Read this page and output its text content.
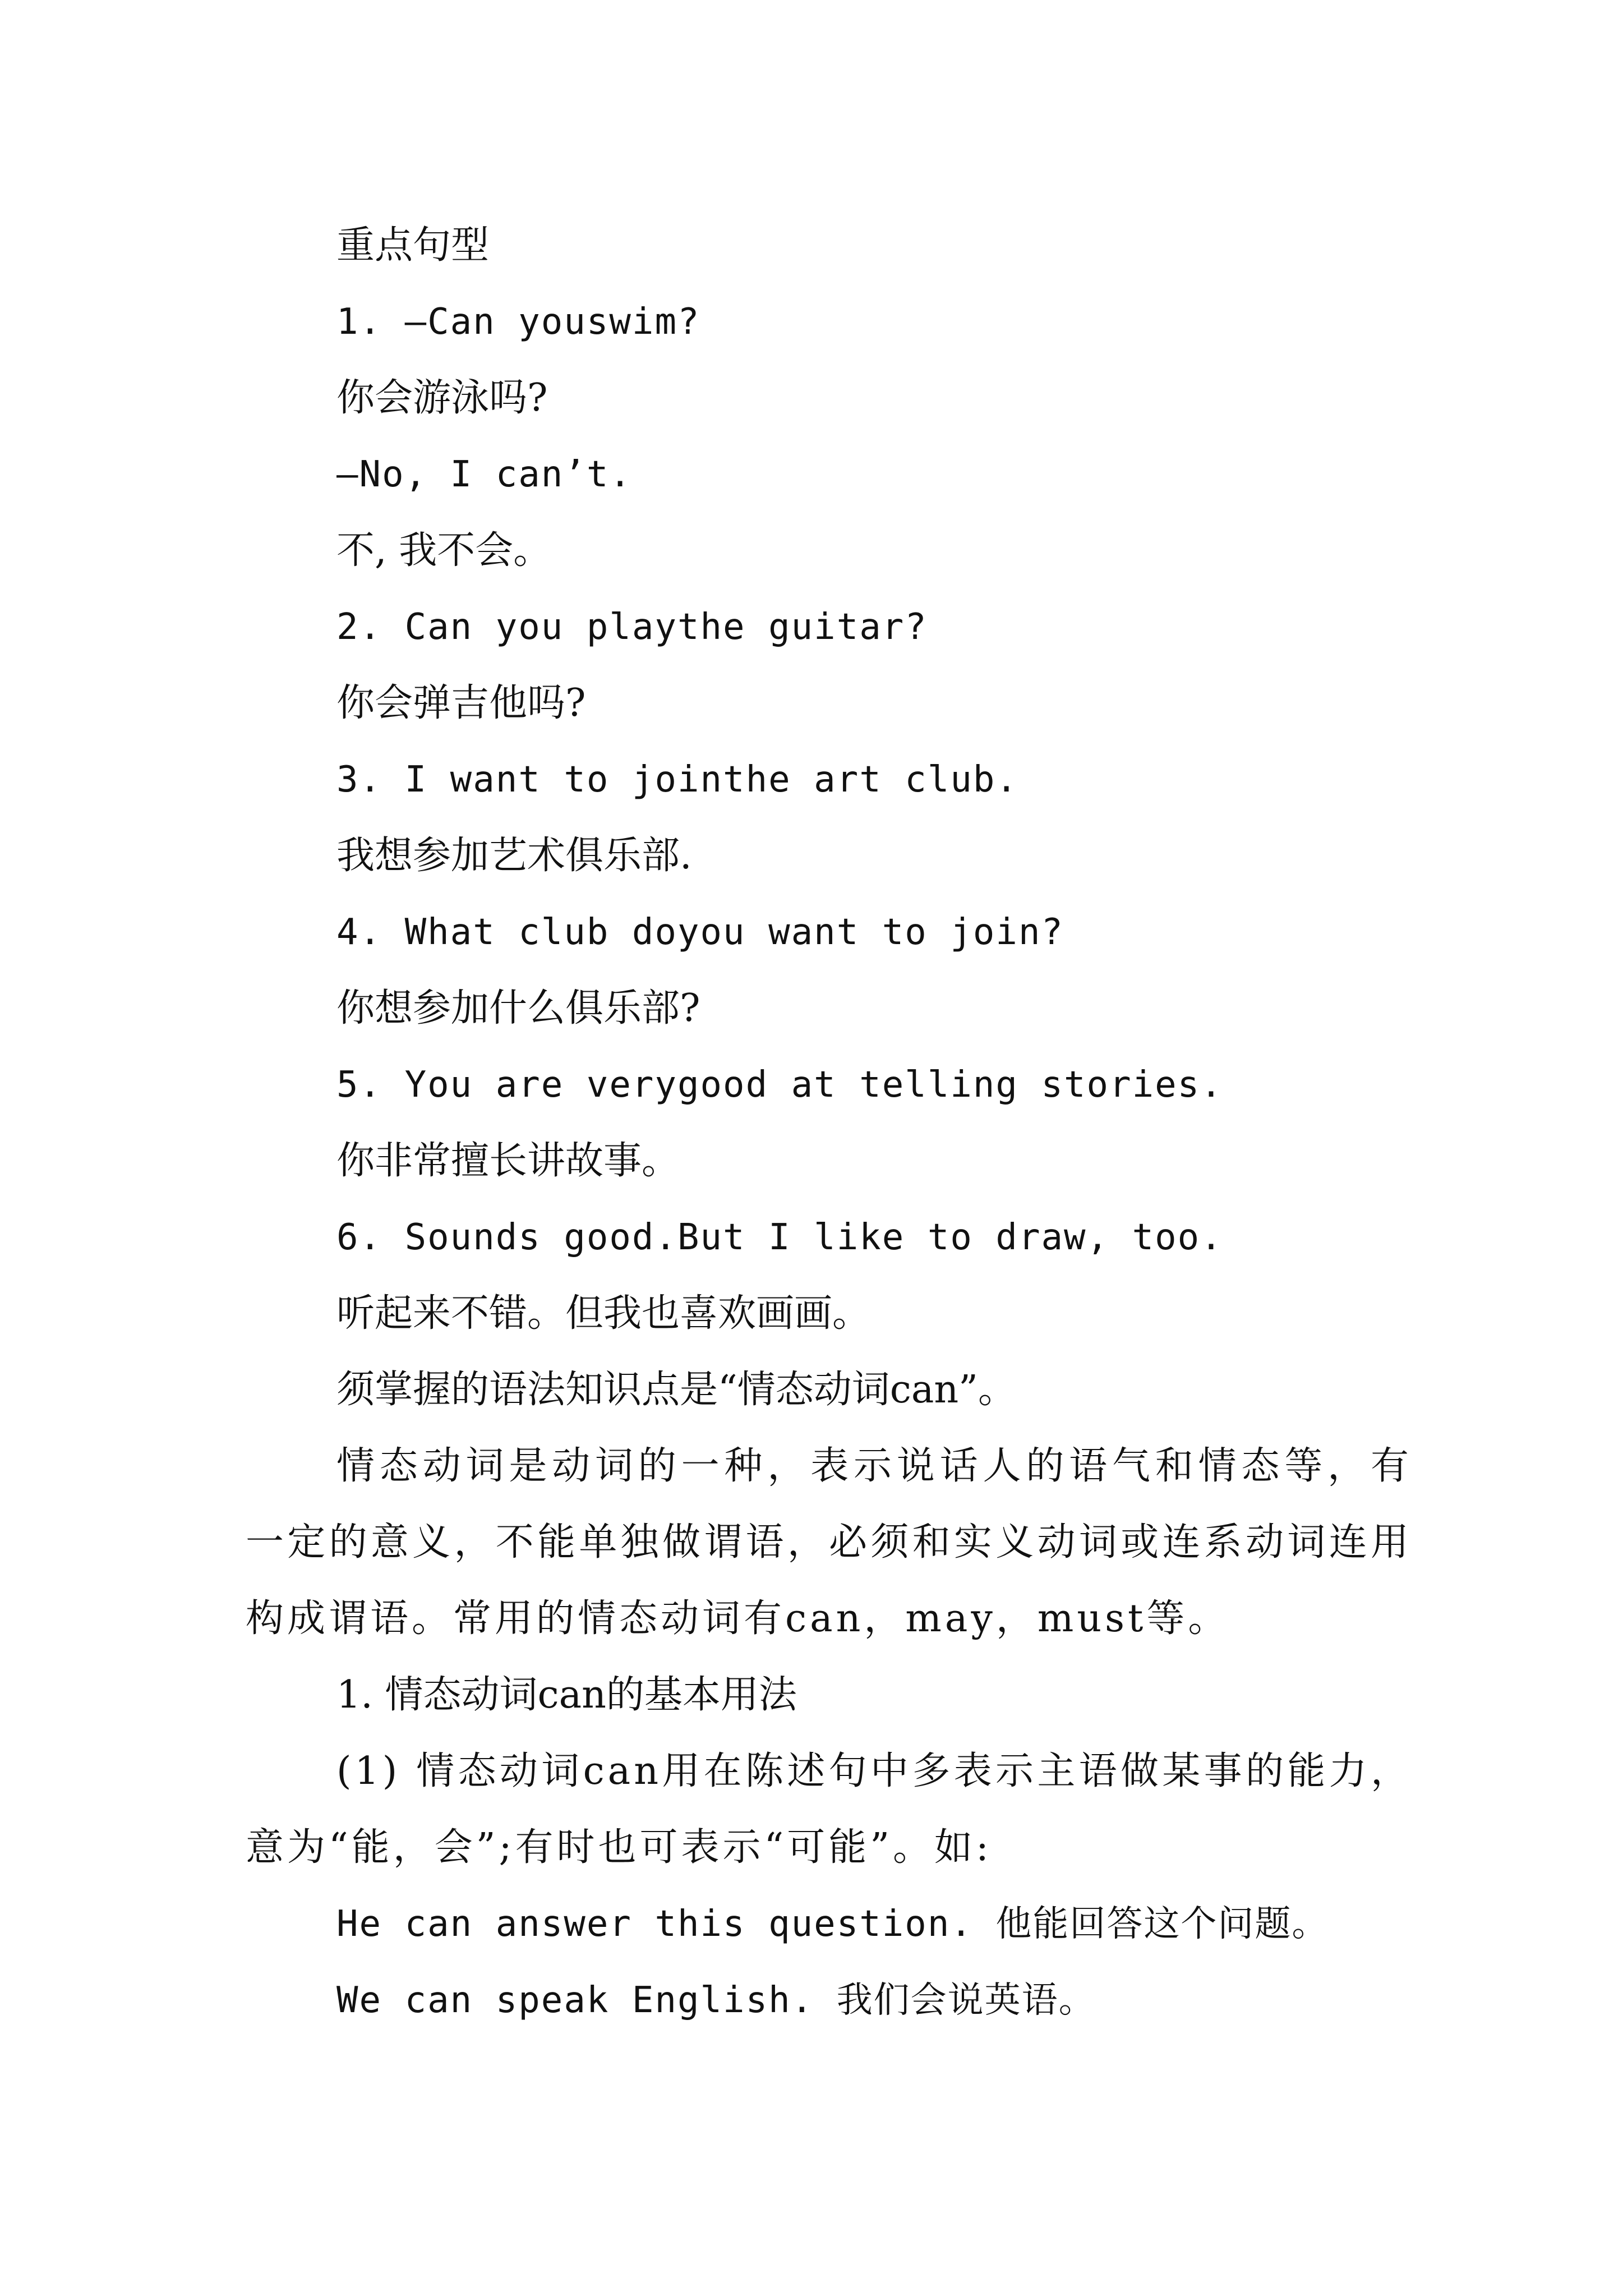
重点句型

1. —Can youswim?

你会游泳吗?

—No, I can’t.

不, 我不会。

2. Can you playthe guitar?

你会弹吉他吗?

3. I want to jointhe art club.

我想参加艺术俱乐部.

4. What club doyou want to join?

你想参加什么俱乐部?

5. You are verygood at telling stories.

你非常擅长讲故事。

6. Sounds good.But I like to draw, too.

听起来不错。但我也喜欢画画。

须掌握的语法知识点是“情态动词can”。

情态动词是动词的一种，表示说话人的语气和情态等，有一定的意义，不能单独做谓语，必须和实义动词或连系动词连用构成谓语。常用的情态动词有can，may，must等。

1. 情态动词can的基本用法

(1) 情态动词can用在陈述句中多表示主语做某事的能力，意为“能，会”;有时也可表示“可能”。如:

He can answer this question. 他能回答这个问题。

We can speak English. 我们会说英语。
